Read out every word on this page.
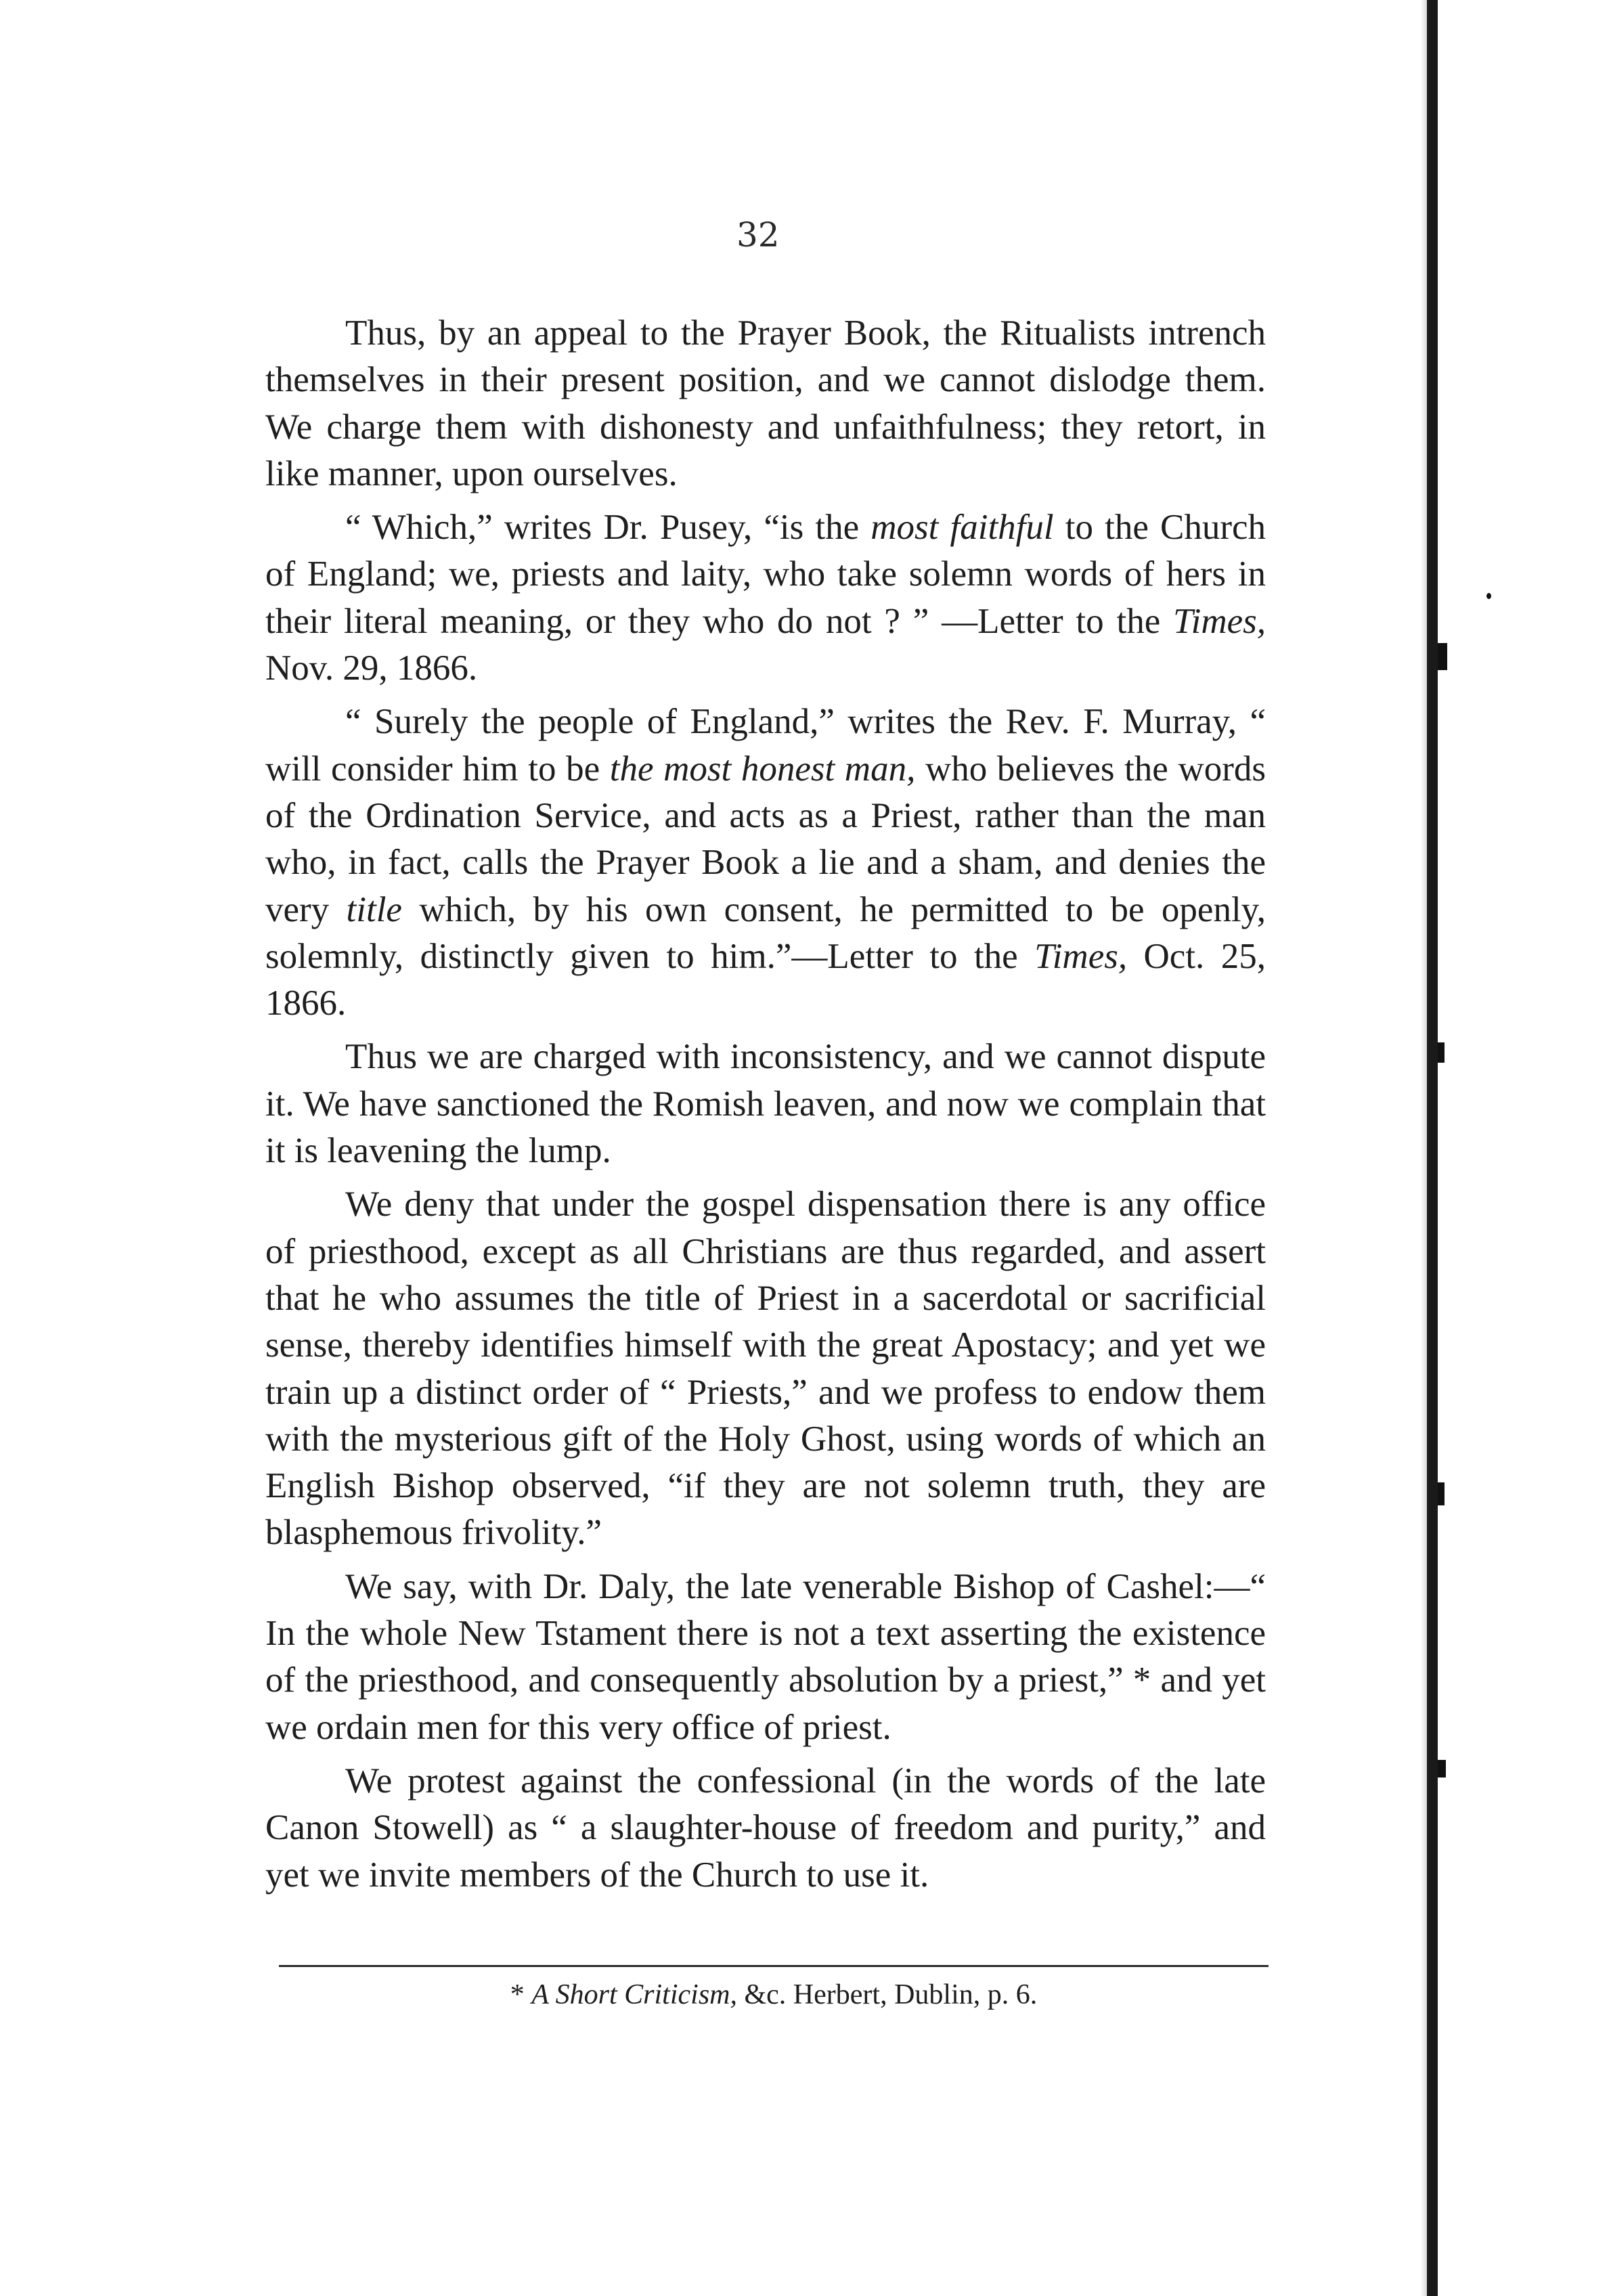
32

Thus, by an appeal to the Prayer Book, the Ritualists intrench themselves in their present position, and we cannot dislodge them. We charge them with dishonesty and unfaithfulness; they retort, in like manner, upon ourselves.

“ Which,” writes Dr. Pusey, “is the most faithful to the Church of England; we, priests and laity, who take solemn words of hers in their literal meaning, or they who do not ? ” —Letter to the Times, Nov. 29, 1866.

“ Surely the people of England,” writes the Rev. F. Murray, “ will consider him to be the most honest man, who believes the words of the Ordination Service, and acts as a Priest, rather than the man who, in fact, calls the Prayer Book a lie and a sham, and denies the very title which, by his own consent, he permitted to be openly, solemnly, distinctly given to him.”—Letter to the Times, Oct. 25, 1866.

Thus we are charged with inconsistency, and we cannot dispute it. We have sanctioned the Romish leaven, and now we complain that it is leavening the lump.

We deny that under the gospel dispensation there is any office of priesthood, except as all Christians are thus regarded, and assert that he who assumes the title of Priest in a sacerdotal or sacrificial sense, thereby identifies himself with the great Apostacy; and yet we train up a distinct order of “ Priests,” and we profess to endow them with the mysterious gift of the Holy Ghost, using words of which an English Bishop observed, “if they are not solemn truth, they are blasphemous frivolity.”

We say, with Dr. Daly, the late venerable Bishop of Cashel:—“ In the whole New Tstament there is not a text asserting the existence of the priesthood, and consequently absolution by a priest,” * and yet we ordain men for this very office of priest.

We protest against the confessional (in the words of the late Canon Stowell) as “ a slaughter-house of freedom and purity,” and yet we invite members of the Church to use it.

* A Short Criticism, &c. Herbert, Dublin, p. 6.
